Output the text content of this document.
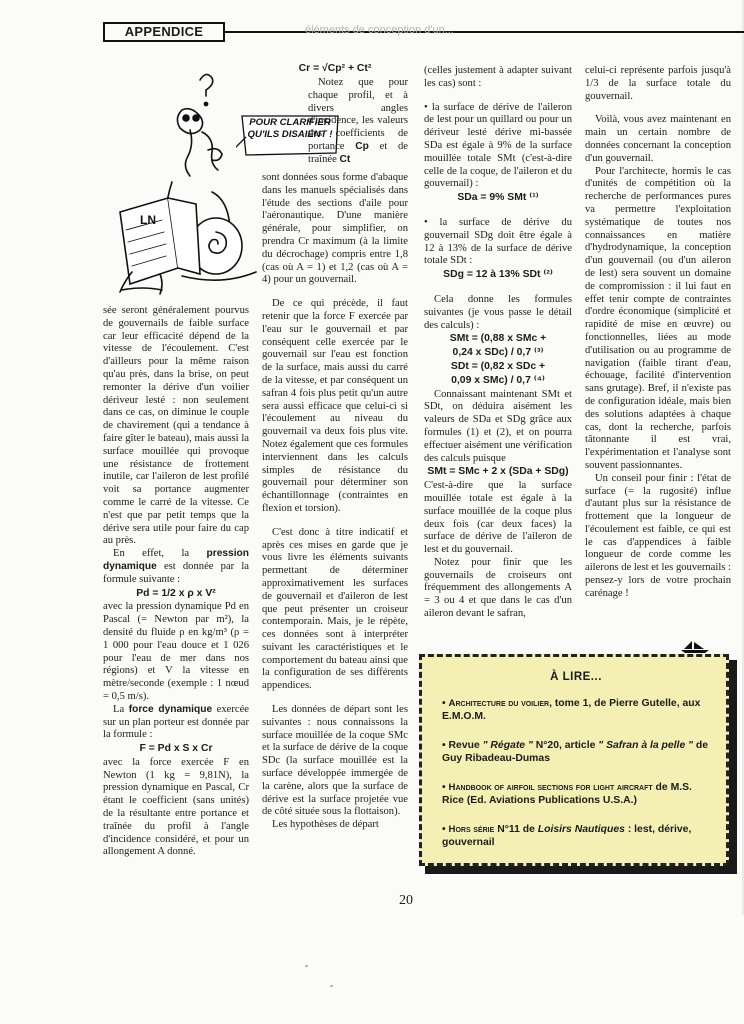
APPENDICE	éléments de conception d'un...
LN
POUR CLARIFIER
QU'ILS DISAIENT !

sée seront généralement pourvus de gouvernails de faible surface car leur efficacité dépend de la vitesse de l'écoulement. C'est d'ailleurs pour la même raison qu'au près, dans la brise, on peut remonter la dérive d'un voilier dériveur lesté : non seulement dans ce cas, on diminue le couple de chavirement (qui a tendance à faire gîter le bateau), mais aussi la surface mouillée qui provoque une résistance de frottement inutile, car l'aileron de lest profilé voit sa portance augmenter comme le carré de la vitesse. Ce n'est que par petit temps que la dérive sera utile pour faire du cap au près.

En effet, la pression dynamique est donnée par la formule suivante :

Pd = 1/2 x ρ x V²

avec la pression dynamique Pd en Pascal (= Newton par m²), la densité du fluide ρ en kg/m³ (ρ = 1 000 pour l'eau douce et 1 026 pour l'eau de mer dans nos régions) et V la vitesse en mètre/seconde (exemple : 1 nœud = 0,5 m/s).

La force dynamique exercée sur un plan porteur est donnée par la formule :

F = Pd x S x Cr

avec la force exercée F en Newton (1 kg = 9,81N), la pression dynamique en Pascal, Cr étant le coefficient (sans unités) de la résultante entre portance et traînée du profil à l'angle d'incidence considéré, et pour un allongement A donné.

Cr = √Cp² + Ct²

Notez que pour chaque profil, et à divers angles d'incidence, les valeurs des coefficients de portance Cp et de traînée Ct

sont données sous forme d'abaque dans les manuels spécialisés dans l'étude des sections d'aile pour l'aéronautique. D'une manière générale, pour simplifier, on prendra Cr maximum (à la limite du décrochage) compris entre 1,8 (cas où A = 1) et 1,2 (cas où A = 4) pour un gouvernail.

De ce qui précède, il faut retenir que la force F exercée par l'eau sur le gouvernail et par conséquent celle exercée par le gouvernail sur l'eau est fonction de la surface, mais aussi du carré de la vitesse, et par conséquent un safran 4 fois plus petit qu'un autre sera aussi efficace que celui-ci si l'écoulement au niveau du gouvernail va deux fois plus vite. Notez également que ces formules interviennent dans les calculs simples de résistance du gouvernail pour déterminer son échantillonnage (contraintes en flexion et torsion).

C'est donc à titre indicatif et après ces mises en garde que je vous livre les éléments suivants permettant de déterminer approximativement les surfaces de gouvernail et d'aileron de lest que peut présenter un croiseur contemporain. Mais, je le répète, ces données sont à interpréter suivant les caractéristiques et le comportement du bateau ainsi que la configuration de ses différents appendices.

Les données de départ sont les suivantes : nous connaissons la surface mouillée de la coque SMc et la surface de dérive de la coque SDc (la surface mouillée est la surface développée immergée de la carène, alors que la surface de dérive est la surface projetée vue de côté située sous la flottaison).

Les hypothèses de départ

(celles justement à adapter suivant les cas) sont :

• la surface de dérive de l'aileron de lest pour un quillard ou pour un dériveur lesté dérive mi-bassée SDa est égale à 9% de la surface mouillée totale SMt (c'est-à-dire celle de la coque, de l'aileron et du gouvernail) :

SDa = 9% SMt ⁽¹⁾

• la surface de dérive du gouvernail SDg doit être égale à 12 à 13% de la surface de dérive totale SDt :

SDg = 12 à 13% SDt ⁽²⁾

Cela donne les formules suivantes (je vous passe le détail des calculs) :

SMt = (0,88 x SMc +
0,24 x SDc) / 0,7 ⁽³⁾
SDt = (0,82 x SDc +
0,09 x SMc) / 0,7 ⁽⁴⁾

Connaissant maintenant SMt et SDt, on déduira aisément les valeurs de SDa et SDg grâce aux formules (1) et (2), et on pourra effectuer aisément une vérification des calculs puisque

SMt = SMc + 2 x (SDa + SDg)

C'est-à-dire que la surface mouillée totale est égale à la surface mouillée de la coque plus deux fois (car deux faces) la surface de dérive de l'aileron de lest et du gouvernail.

Notez pour finir que les gouvernails de croiseurs ont fréquemment des allongements A = 3 ou 4 et que dans le cas d'un aileron devant le safran,

celui-ci représente parfois jusqu'à 1/3 de la surface totale du gouvernail.

Voilà, vous avez maintenant en main un certain nombre de données concernant la conception d'un gouvernail.

Pour l'architecte, hormis le cas d'unités de compétition où la recherche de performances pures va permettre l'exploitation systématique de toutes nos connaissances en matière d'hydrodynamique, la conception d'un gouvernail (ou d'un aileron de lest) sera souvent un domaine de compromission : il lui faut en effet tenir compte de contraintes d'ordre économique (simplicité et rapidité de mise en œuvre) ou fonctionnelles, liées au mode d'utilisation ou au programme de navigation (faible tirant d'eau, échouage, facilité d'intervention sans grutage). Bref, il n'existe pas de configuration idéale, mais bien des solutions adaptées à chaque cas, dont la recherche, parfois tâtonnante il est vrai, l'expérimentation et l'analyse sont souvent passionnantes.

Un conseil pour finir : l'état de surface (= la rugosité) influe d'autant plus sur la résistance de frottement que la longueur de l'écoulement est faible, ce qui est le cas d'appendices à faible longueur de corde comme les ailerons de lest et les gouvernails : pensez-y lors de votre prochain carénage !

À LIRE...
• Architecture du voilier, tome 1, de Pierre Gutelle, aux E.M.O.M.
• Revue " Régate " N°20, article " Safran à la pelle " de Guy Ribadeau-Dumas
• Handbook of airfoil sections for light aircraft de M.S. Rice (Ed. Aviations Publications U.S.A.)
• Hors série N°11 de Loisirs Nautiques : lest, dérive, gouvernail
20
